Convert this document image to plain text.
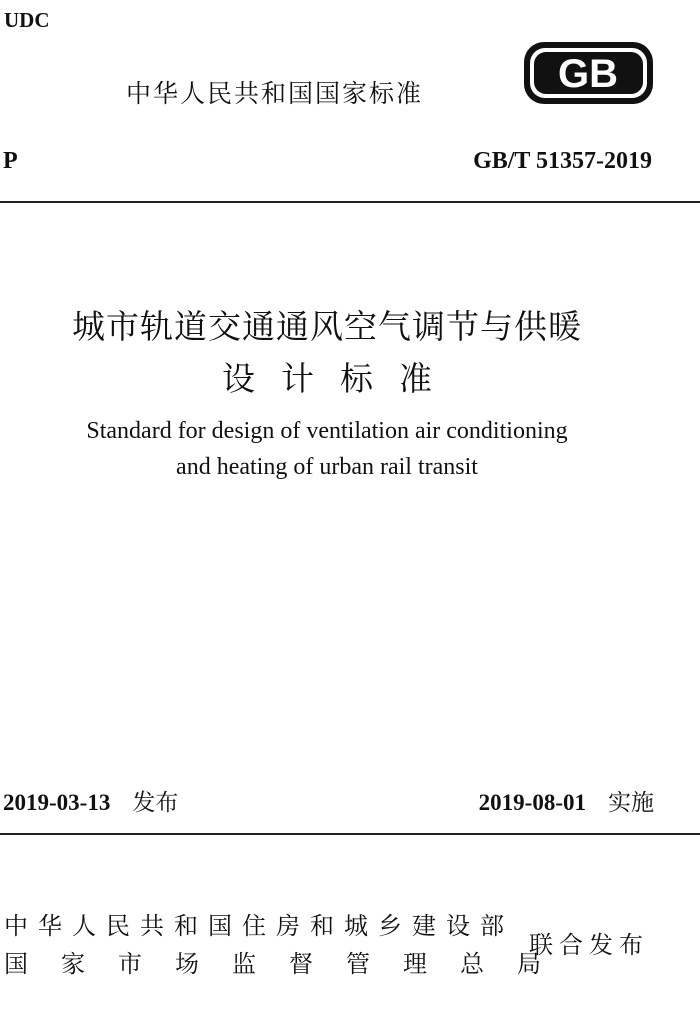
UDC
中华人民共和国国家标准	GB
P	GB/T 51357-2019
城市轨道交通通风空气调节与供暖
设计标准
Standard for design of ventilation air conditioning
and heating of urban rail transit
2019-03-13 发布	2019-08-01 实施
中华人民共和国住房和城乡建设部
国家市场监督管理总局
联合发布
